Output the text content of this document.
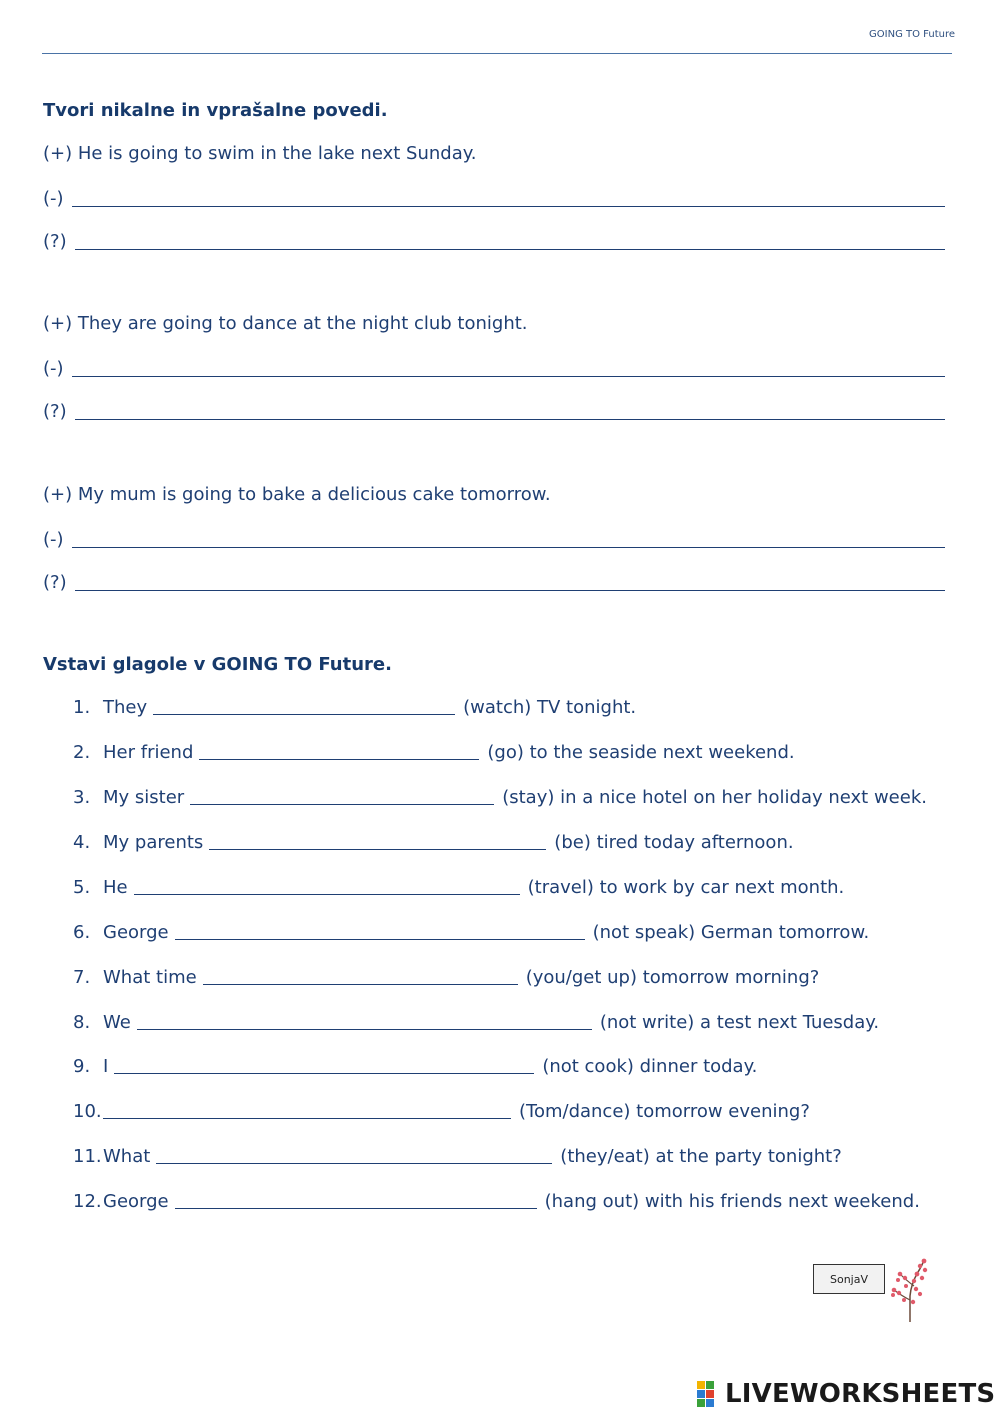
GOING TO Future
Tvori nikalne in vprašalne povedi.
(+) He is going to swim in the lake next Sunday.
(-)
(?)
(+) They are going to dance at the night club tonight.
(-)
(?)
(+) My mum is going to bake a delicious cake tomorrow.
(-)
(?)
Vstavi glagole v GOING TO Future.
1. They	(watch) TV tonight.
2. Her friend	(go) to the seaside next weekend.
3. My sister	(stay) in a nice hotel on her holiday next week.
4. My parents	(be) tired today afternoon.
5. He	(travel) to work by car next month.
6. George	(not speak) German tomorrow.
7. What time	(you/get up) tomorrow morning?
8. We	(not write) a test next Tuesday.
9. I	(not cook) dinner today.
10.	(Tom/dance) tomorrow evening?
11. What	(they/eat) at the party tonight?
12. George	(hang out) with his friends next weekend.
SonjaV
LIVEWORKSHEETS
